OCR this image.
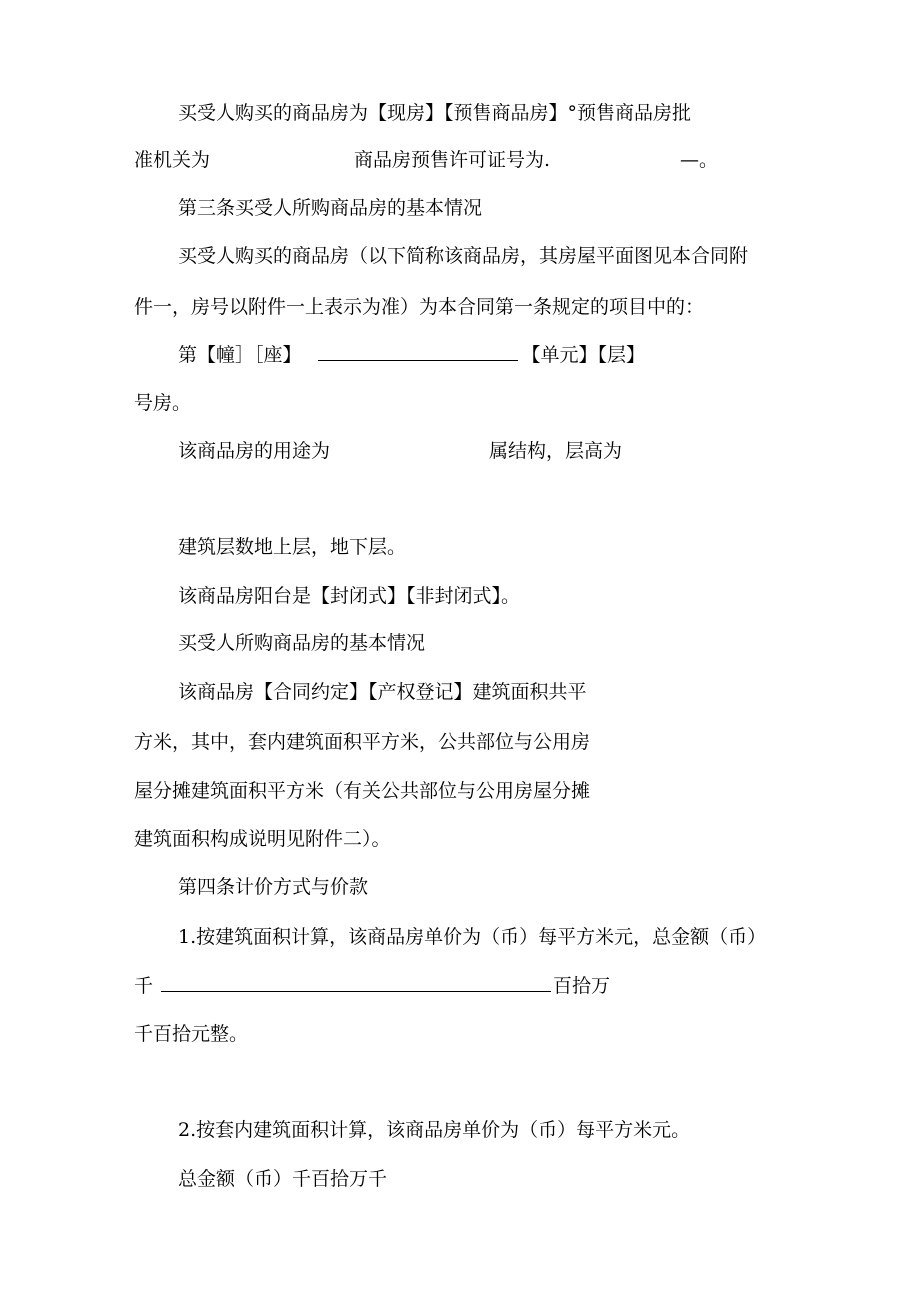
买受人购买的商品房为【现房】【预售商品房】°预售商品房批
准机关为	商品房预售许可证号为.	—。
第三条买受人所购商品房的基本情况
买受人购买的商品房（以下简称该商品房，其房屋平面图见本合同附
件一，房号以附件一上表示为准）为本合同第一条规定的项目中的：
第【幢］［座】	【单元】【层】
号房。
该商品房的用途为	属结构，层高为
建筑层数地上层，地下层。
该商品房阳台是【封闭式】【非封闭式】。
买受人所购商品房的基本情况
该商品房【合同约定】【产权登记】建筑面积共平
方米，其中，套内建筑面积平方米，公共部位与公用房
屋分摊建筑面积平方米（有关公共部位与公用房屋分摊
建筑面积构成说明见附件二）。
第四条计价方式与价款
1.按建筑面积计算，该商品房单价为（币）每平方米元，总金额（币）
千	百拾万
千百拾元整。
2.按套内建筑面积计算，该商品房单价为（币）每平方米元。
总金额（币）千百拾万千
